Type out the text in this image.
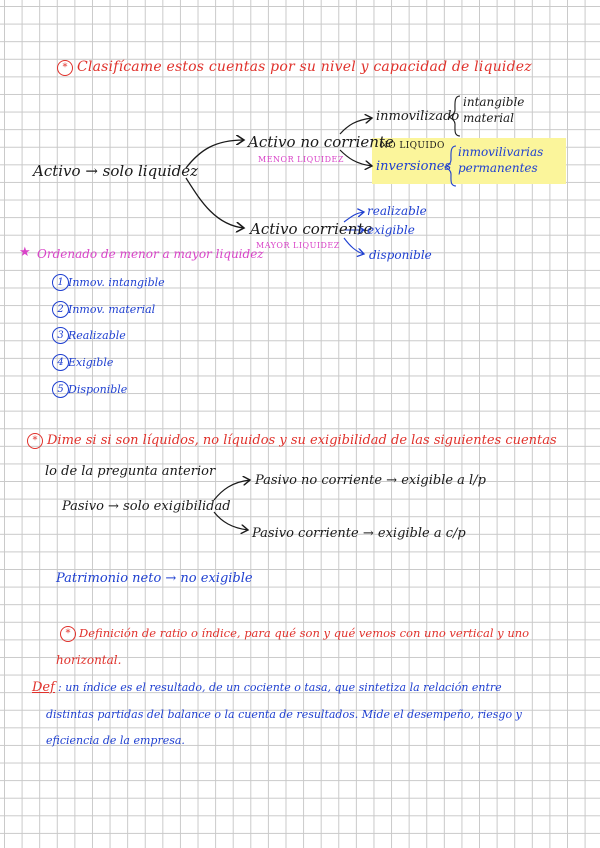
* Clasifícame estos cuentas por su nivel y capacidad de liquidez
Activo → solo liquidez
Activo no corriente
MENOR LIQUIDEZ
inmovilizado
intangible
material
NO LIQUIDO
inversiones
inmovilivarias
permanentes
Activo corriente
MAYOR LIQUIDEZ
realizable
exigible
disponible
★ Ordenado de menor a mayor liquidez
1 Inmov. intangible
2 Inmov. material
3 Realizable
4 Exigible
5 Disponible
* Dime si si son líquidos, no líquidos y su exigibilidad de las siguientes cuentas
lo de la pregunta anterior
Pasivo → solo exigibilidad
Pasivo no corriente → exigible a l/p
Pasivo corriente → exigible a c/p
Patrimonio neto → no exigible
* Definición de ratio o índice, para qué son y qué vemos con uno vertical y uno
horizontal.
Def : un índice es el resultado, de un cociente o tasa, que sintetiza la relación entre
distintas partidas del balance o la cuenta de resultados. Mide el desempeño, riesgo y
eficiencia de la empresa.
